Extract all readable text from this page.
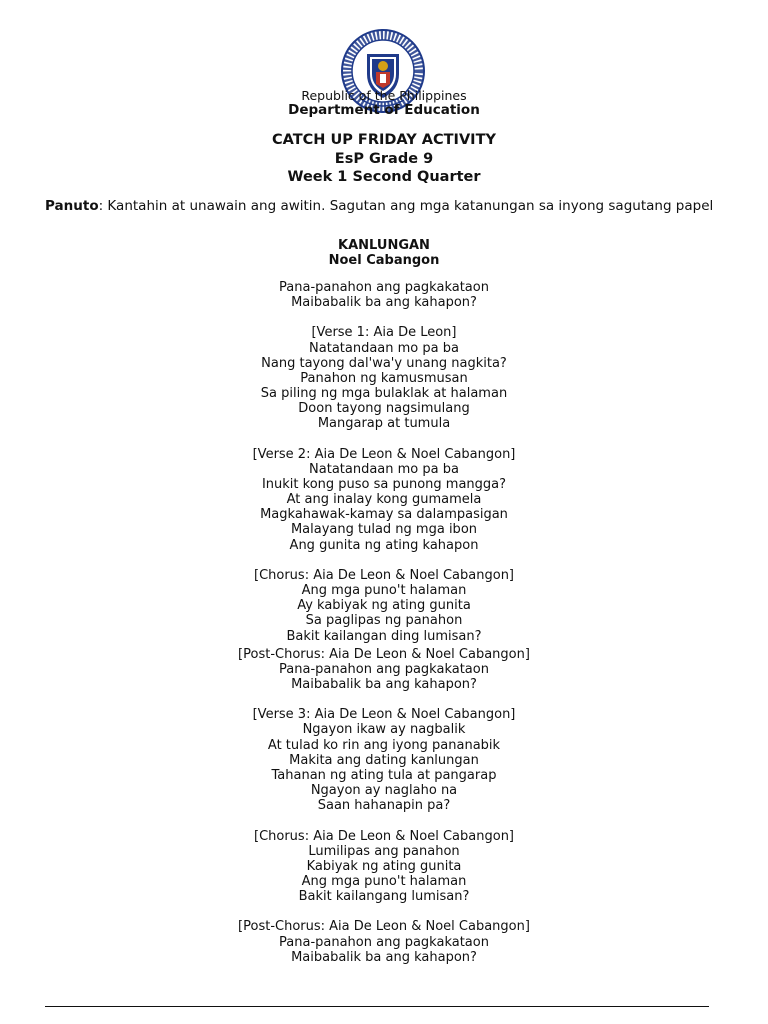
Republic of the Philippines
Department of Education
CATCH UP FRIDAY ACTIVITY
EsP Grade 9
Week 1 Second Quarter
Panuto: Kantahin at unawain ang awitin. Sagutan ang mga katanungan sa inyong sagutang papel
KANLUNGAN
Noel Cabangon
Pana-panahon ang pagkakataon
Maibabalik ba ang kahapon?
[Verse 1: Aia De Leon]
Natatandaan mo pa ba
Nang tayong dal'wa'y unang nagkita?
Panahon ng kamusmusan
Sa piling ng mga bulaklak at halaman
Doon tayong nagsimulang
Mangarap at tumula
[Verse 2: Aia De Leon & Noel Cabangon]
Natatandaan mo pa ba
Inukit kong puso sa punong mangga?
At ang inalay kong gumamela
Magkahawak-kamay sa dalampasigan
Malayang tulad ng mga ibon
Ang gunita ng ating kahapon
[Chorus: Aia De Leon & Noel Cabangon]
Ang mga puno't halaman
Ay kabiyak ng ating gunita
Sa paglipas ng panahon
Bakit kailangan ding lumisan?
[Post-Chorus: Aia De Leon & Noel Cabangon]
Pana-panahon ang pagkakataon
Maibabalik ba ang kahapon?
[Verse 3: Aia De Leon & Noel Cabangon]
Ngayon ikaw ay nagbalik
At tulad ko rin ang iyong pananabik
Makita ang dating kanlungan
Tahanan ng ating tula at pangarap
Ngayon ay naglaho na
Saan hahanapin pa?
[Chorus: Aia De Leon & Noel Cabangon]
Lumilipas ang panahon
Kabiyak ng ating gunita
Ang mga puno't halaman
Bakit kailangang lumisan?
[Post-Chorus: Aia De Leon & Noel Cabangon]
Pana-panahon ang pagkakataon
Maibabalik ba ang kahapon?
